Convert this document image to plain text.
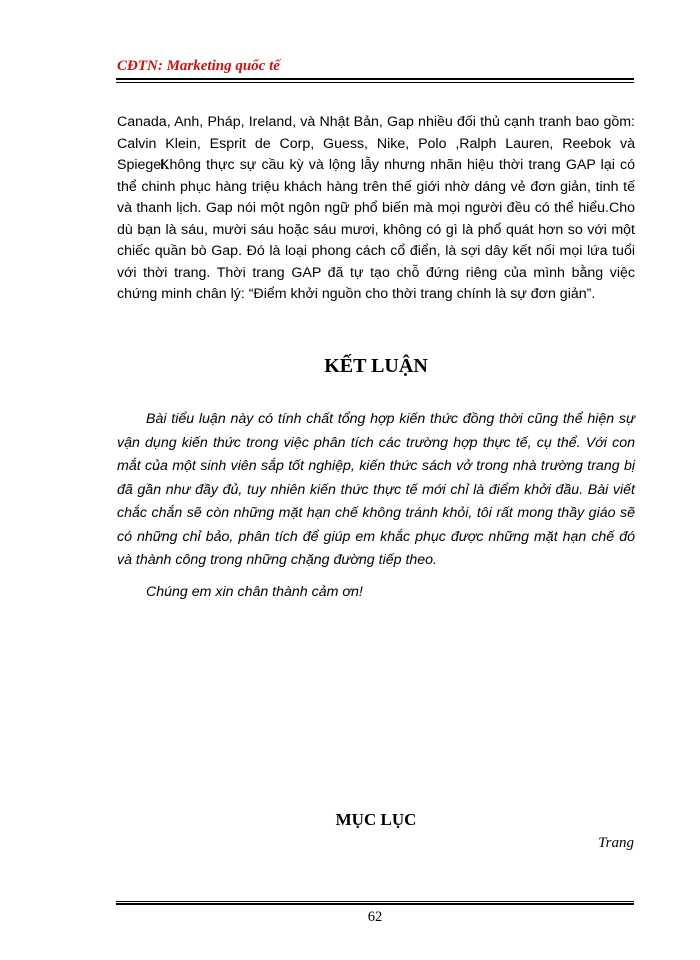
CĐTN: Marketing quốc tế

Canada, Anh, Pháp, Ireland, và Nhật Bản, Gap nhiều đối thủ cạnh tranh bao gồm: Calvin Klein, Esprit de Corp, Guess, Nike, Polo ,Ralph Lauren, Reebok và Spiegel.

Không thực sự cầu kỳ và lộng lẫy nhưng nhãn hiệu thời trang GAP lại có thể chinh phục hàng triệu khách hàng trên thế giới nhờ dáng vẻ đơn giản, tinh tế và thanh lịch. Gap nói một ngôn ngữ phổ biến mà mọi người đều có thể hiểu.Cho dù bạn là sáu, mười sáu hoặc sáu mươi, không có gì là phổ quát hơn so với một chiếc quần bò Gap. Đó là loại phong cách cổ điển, là sợi dây kết nối mọi lứa tuổi với thời trang. Thời trang GAP đã tự tạo chỗ đứng riêng của mình bằng việc chứng minh chân lý: “Điểm khởi nguồn cho thời trang chính là sự đơn giản”.

KẾT LUẬN

Bài tiểu luận này có tính chất tổng hợp kiến thức đồng thời cũng thể hiện sự vận dụng kiến thức trong việc phân tích các trường hợp thực tế, cụ thể. Với con mắt của một sinh viên sắp tốt nghiệp, kiến thức sách vở trong nhà trường trang bị đã gần như đầy đủ, tuy nhiên kiến thức thực tế mới chỉ là điểm khởi đầu. Bài viết chắc chắn sẽ còn những mặt hạn chế không tránh khỏi, tôi rất mong thầy giáo sẽ có những chỉ bảo, phân tích để giúp em khắc phục được những mặt hạn chế đó và thành công trong những chặng đường tiếp theo.

Chúng em xin chân thành cảm ơn!

MỤC LỤC

Trang

62
